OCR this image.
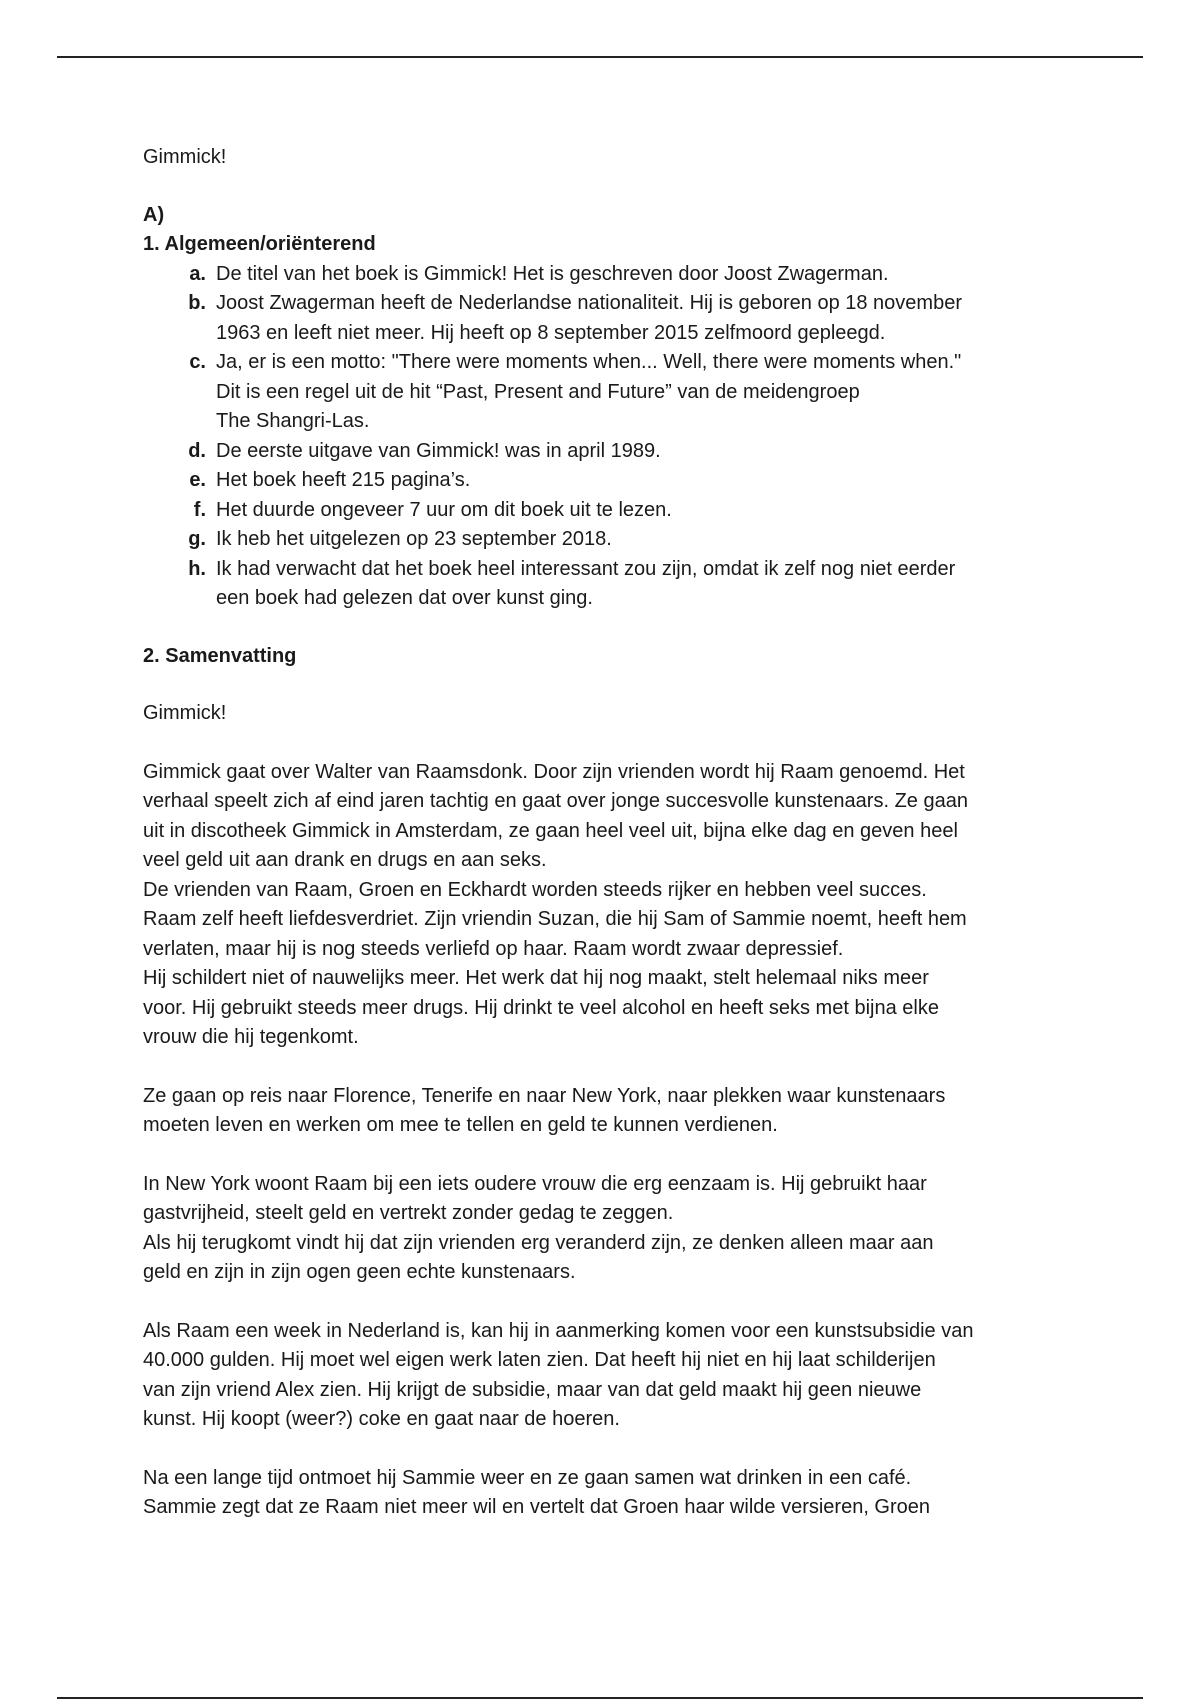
Gimmick!

A)

1. Algemeen/oriënterend

a. De titel van het boek is Gimmick! Het is geschreven door Joost Zwagerman.
b. Joost Zwagerman heeft de Nederlandse nationaliteit. Hij is geboren op 18 november
1963 en leeft niet meer. Hij heeft op 8 september 2015 zelfmoord gepleegd.
c. Ja, er is een motto: "There were moments when... Well, there were moments when."
Dit is een regel uit de hit “Past, Present and Future” van de meidengroep
The Shangri-Las.
d. De eerste uitgave van Gimmick! was in april 1989.
e. Het boek heeft 215 pagina’s.
f. Het duurde ongeveer 7 uur om dit boek uit te lezen.
g. Ik heb het uitgelezen op 23 september 2018.
h. Ik had verwacht dat het boek heel interessant zou zijn, omdat ik zelf nog niet eerder
een boek had gelezen dat over kunst ging.

2. Samenvatting

Gimmick!

Gimmick gaat over Walter van Raamsdonk. Door zijn vrienden wordt hij Raam genoemd. Het
verhaal speelt zich af eind jaren tachtig en gaat over jonge succesvolle kunstenaars. Ze gaan
uit in discotheek Gimmick in Amsterdam, ze gaan heel veel uit, bijna elke dag en geven heel
veel geld uit aan drank en drugs en aan seks.
De vrienden van Raam, Groen en Eckhardt worden steeds rijker en hebben veel succes.
Raam zelf heeft liefdesverdriet. Zijn vriendin Suzan, die hij Sam of Sammie noemt, heeft hem
verlaten, maar hij is nog steeds verliefd op haar. Raam wordt zwaar depressief.
Hij schildert niet of nauwelijks meer. Het werk dat hij nog maakt, stelt helemaal niks meer
voor. Hij gebruikt steeds meer drugs. Hij drinkt te veel alcohol en heeft seks met bijna elke
vrouw die hij tegenkomt.

Ze gaan op reis naar Florence, Tenerife en naar New York, naar plekken waar kunstenaars
moeten leven en werken om mee te tellen en geld te kunnen verdienen.

In New York woont Raam bij een iets oudere vrouw die erg eenzaam is. Hij gebruikt haar
gastvrijheid, steelt geld en vertrekt zonder gedag te zeggen.
Als hij terugkomt vindt hij dat zijn vrienden erg veranderd zijn, ze denken alleen maar aan
geld en zijn in zijn ogen geen echte kunstenaars.

Als Raam een week in Nederland is, kan hij in aanmerking komen voor een kunstsubsidie van
40.000 gulden. Hij moet wel eigen werk laten zien. Dat heeft hij niet en hij laat schilderijen
van zijn vriend Alex zien. Hij krijgt de subsidie, maar van dat geld maakt hij geen nieuwe
kunst. Hij koopt (weer?) coke en gaat naar de hoeren.

Na een lange tijd ontmoet hij Sammie weer en ze gaan samen wat drinken in een café.
Sammie zegt dat ze Raam niet meer wil en vertelt dat Groen haar wilde versieren, Groen
